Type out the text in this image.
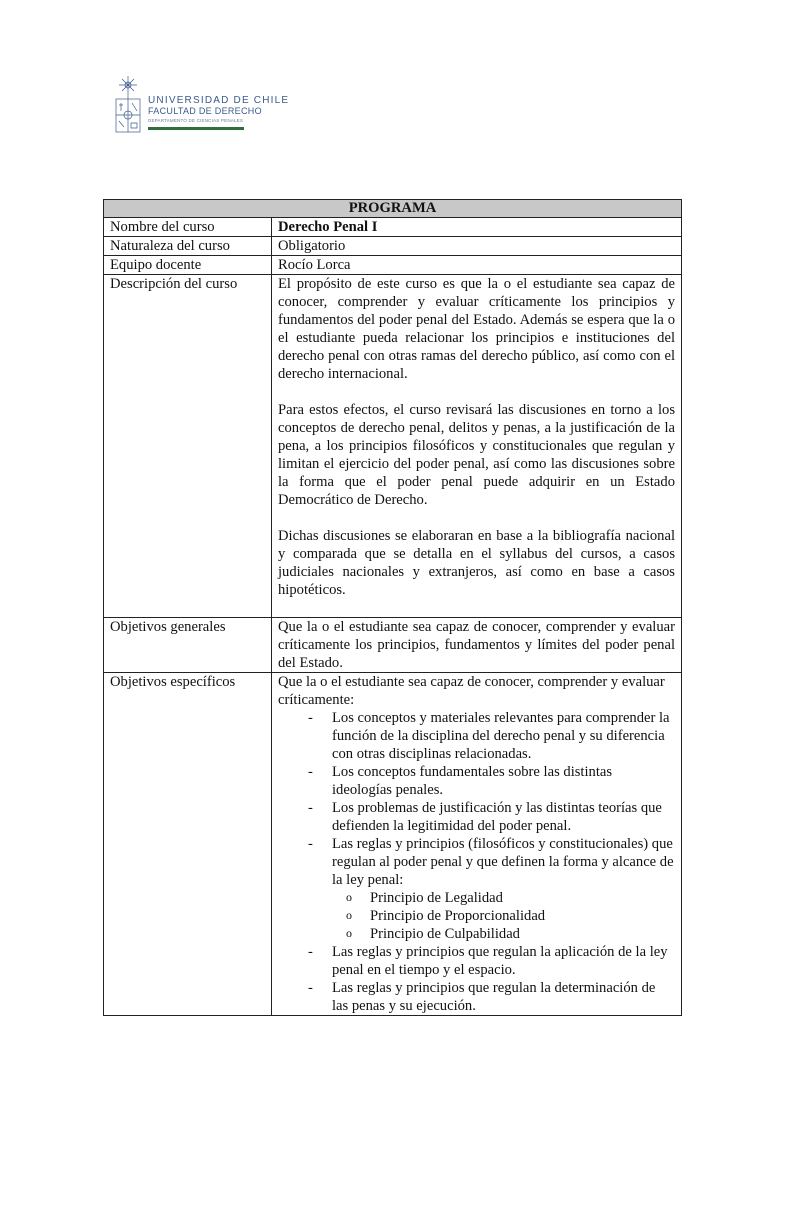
UNIVERSIDAD DE CHILE
FACULTAD DE DERECHO
DEPARTAMENTO DE CIENCIAS PENALES
PROGRAMA	
Nombre del curso	Derecho Penal I
Naturaleza del curso	Obligatorio
Equipo docente	Rocío Lorca
Descripción del curso	El propósito de este curso es que la o el estudiante sea capaz de conocer, comprender y evaluar críticamente los principios y fundamentos del poder penal del Estado. Además se espera que la o el estudiante pueda relacionar los principios e instituciones del derecho penal con otras ramas del derecho público, así como con el derecho internacional.

Para estos efectos, el curso revisará las discusiones en torno a los conceptos de derecho penal, delitos y penas, a la justificación de la pena, a los principios filosóficos y constitucionales que regulan y limitan el ejercicio del poder penal, así como las discusiones sobre la forma que el poder penal puede adquirir en un Estado Democrático de Derecho.

Dichas discusiones se elaboraran en base a la bibliografía nacional y comparada que se detalla en el syllabus del cursos, a casos judiciales nacionales y extranjeros, así como en base a casos hipotéticos.

Objetivos generales	Que la o el estudiante sea capaz de conocer, comprender y evaluar críticamente los principios, fundamentos y límites del poder penal del Estado.
Objetivos específicos	Que la o el estudiante sea capaz de conocer, comprender y evaluar críticamente:
- Los conceptos y materiales relevantes para comprender la función de la disciplina del derecho penal y su diferencia con otras disciplinas relacionadas.
- Los conceptos fundamentales sobre las distintas ideologías penales.
- Los problemas de justificación y las distintas teorías que defienden la legitimidad del poder penal.
- Las reglas y principios (filosóficos y constitucionales) que regulan al poder penal y que definen la forma y alcance de la ley penal:
o Principio de Legalidad
o Principio de Proporcionalidad
o Principio de Culpabilidad
- Las reglas y principios que regulan la aplicación de la ley penal en el tiempo y el espacio.
- Las reglas y principios que regulan la determinación de las penas y su ejecución.
